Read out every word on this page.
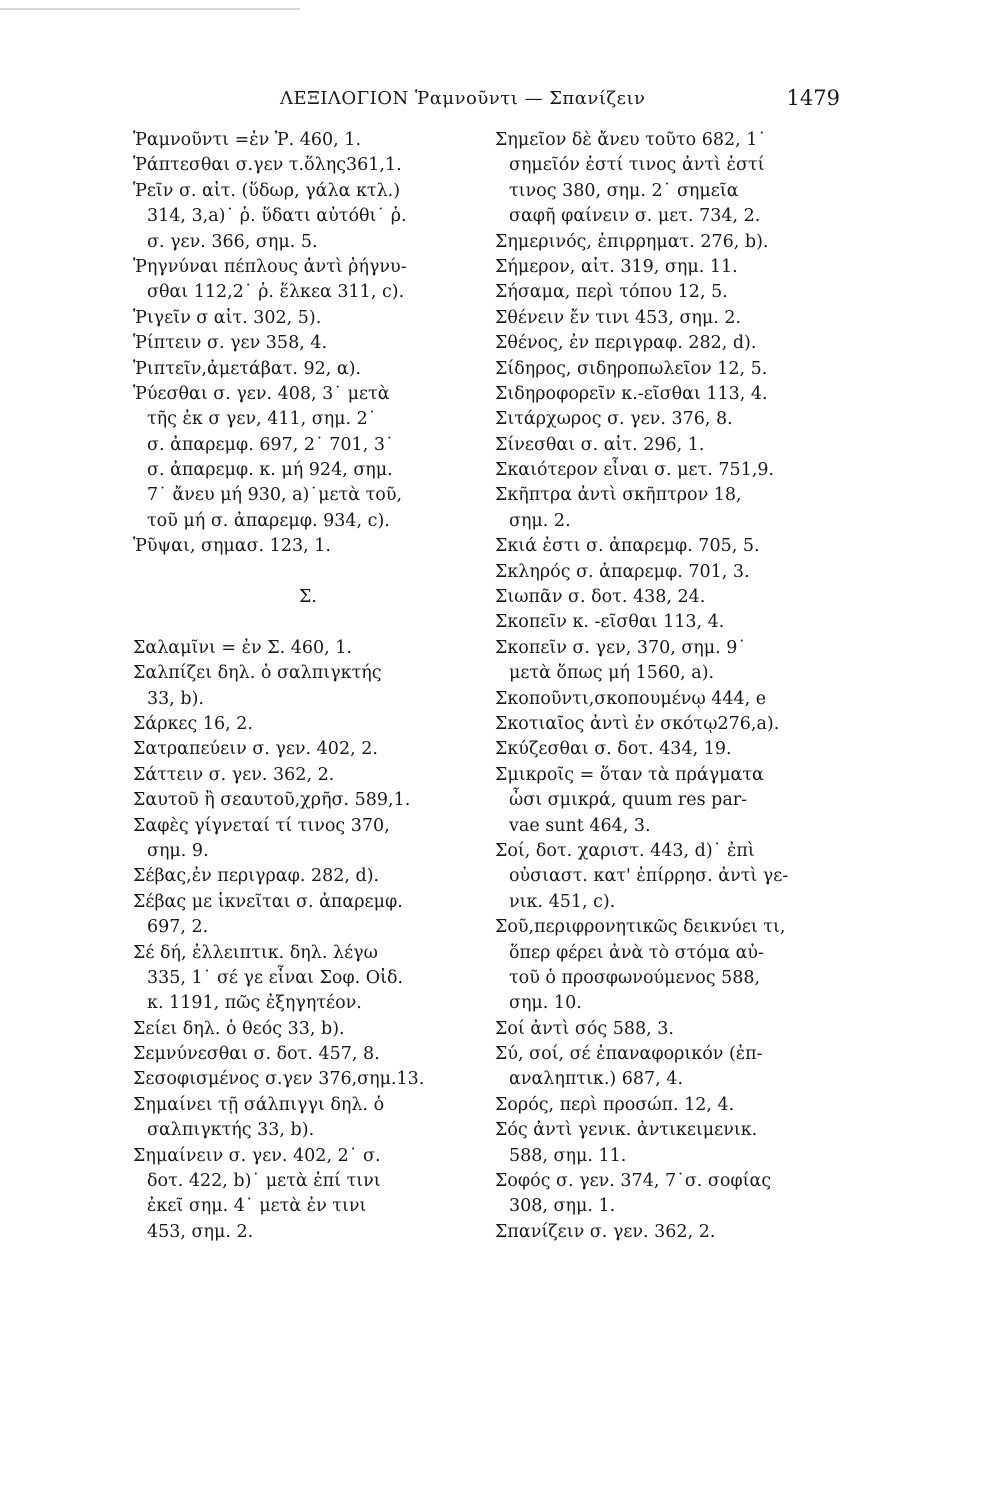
ΛΕΞΙΛΟΓΙΟΝ Ῥαμνοῦντι — Σπανίζειν	1479
Ῥαμνοῦντι =ἐν Ῥ. 460, 1.
Ῥάπτεσθαι σ.γεν τ.ὅλης361,1.
Ῥεῖν σ. αἰτ. (ὕδωρ, γάλα κτλ.)
314, 3,a)˙ ῥ. ὕδατι αὐτόθι˙ ῥ.
σ. γεν. 366, σημ. 5.
Ῥηγνύναι πέπλους ἀντὶ ῥήγνυ-
σθαι 112,2˙ ῥ. ἕλκεα 311, c).
Ῥιγεῖν σ αἰτ. 302, 5).
Ῥίπτειν σ. γεν 358, 4.
Ῥιπτεῖν,ἀμετάβατ. 92, α).
Ῥύεσθαι σ. γεν. 408, 3˙ μετὰ
τῆς ἐκ σ γεν, 411, σημ. 2˙
σ. ἀπαρεμφ. 697, 2˙ 701, 3˙
σ. ἀπαρεμφ. κ. μή 924, σημ.
7˙ ἄνευ μή 930, a)˙μετὰ τοῦ,
τοῦ μή σ. ἀπαρεμφ. 934, c).
Ῥῦψαι, σημασ. 123, 1.
Σ.
Σαλαμῖνι = ἐν Σ. 460, 1.
Σαλπίζει δηλ. ὁ σαλπιγκτής
33, b).
Σάρκες 16, 2.
Σατραπεύειν σ. γεν. 402, 2.
Σάττειν σ. γεν. 362, 2.
Σαυτοῦ ἢ σεαυτοῦ,χρῆσ. 589,1.
Σαφὲς γίγνεταί τί τινος 370,
σημ. 9.
Σέβας,ἐν περιγραφ. 282, d).
Σέβας με ἱκνεῖται σ. ἀπαρεμφ.
697, 2.
Σέ δή, ἐλλειπτικ. δηλ. λέγω
335, 1˙ σέ γε εἶναι Σοφ. Οἰδ.
κ. 1191, πῶς ἐξηγητέον.
Σείει δηλ. ὁ θεός 33, b).
Σεμνύνεσθαι σ. δοτ. 457, 8.
Σεσοφισμένος σ.γεν 376,σημ.13.
Σημαίνει τῇ σάλπιγγι δηλ. ὁ
σαλπιγκτής 33, b).
Σημαίνειν σ. γεν. 402, 2˙ σ.
δοτ. 422, b)˙ μετὰ ἐπί τινι
ἐκεῖ σημ. 4˙ μετὰ ἐν τινι
453, σημ. 2.
Σημεῖον δὲ ἄνευ τοῦτο 682, 1˙
σημεῖόν ἐστί τινος ἀντὶ ἐστί
τινος 380, σημ. 2˙ σημεῖα
σαφῆ φαίνειν σ. μετ. 734, 2.
Σημερινός, ἐπιρρηματ. 276, b).
Σήμερον, αἰτ. 319, σημ. 11.
Σήσαμα, περὶ τόπου 12, 5.
Σθένειν ἔν τινι 453, σημ. 2.
Σθένος, ἐν περιγραφ. 282, d).
Σίδηρος, σιδηροπωλεῖον 12, 5.
Σιδηροφορεῖν κ.-εῖσθαι 113, 4.
Σιτάρχωρος σ. γεν. 376, 8.
Σίνεσθαι σ. αἰτ. 296, 1.
Σκαιότερον εἶναι σ. μετ. 751,9.
Σκῆπτρα ἀντὶ σκῆπτρον 18,
σημ. 2.
Σκιά ἐστι σ. ἀπαρεμφ. 705, 5.
Σκληρός σ. ἀπαρεμφ. 701, 3.
Σιωπᾶν σ. δοτ. 438, 24.
Σκοπεῖν κ. -εῖσθαι 113, 4.
Σκοπεῖν σ. γεν, 370, σημ. 9˙
μετὰ ὅπως μή 1560, a).
Σκοποῦντι,σκοπουμένῳ 444, e
Σκοτιαῖος ἀντὶ ἐν σκότῳ276,a).
Σκύζεσθαι σ. δοτ. 434, 19.
Σμικροῖς = ὅταν τὰ πράγματα
ὦσι σμικρά, quum res par-
vae sunt 464, 3.
Σοί, δοτ. χαριστ. 443, d)˙ ἐπὶ
οὐσιαστ. κατ' ἐπίρρησ. ἀντὶ γε-
νικ. 451, c).
Σοῦ,περιφρονητικῶς δεικνύει τι,
ὅπερ φέρει ἀνὰ τὸ στόμα αὐ-
τοῦ ὁ προσφωνούμενος 588,
σημ. 10.
Σοί ἀντὶ σός 588, 3.
Σύ, σοί, σέ ἐπαναφορικόν (ἐπ-
αναληπτικ.) 687, 4.
Σορός, περὶ προσώπ. 12, 4.
Σός ἀντὶ γενικ. ἀντικειμενικ.
588, σημ. 11.
Σοφός σ. γεν. 374, 7˙σ. σοφίας
308, σημ. 1.
Σπανίζειν σ. γεν. 362, 2.
